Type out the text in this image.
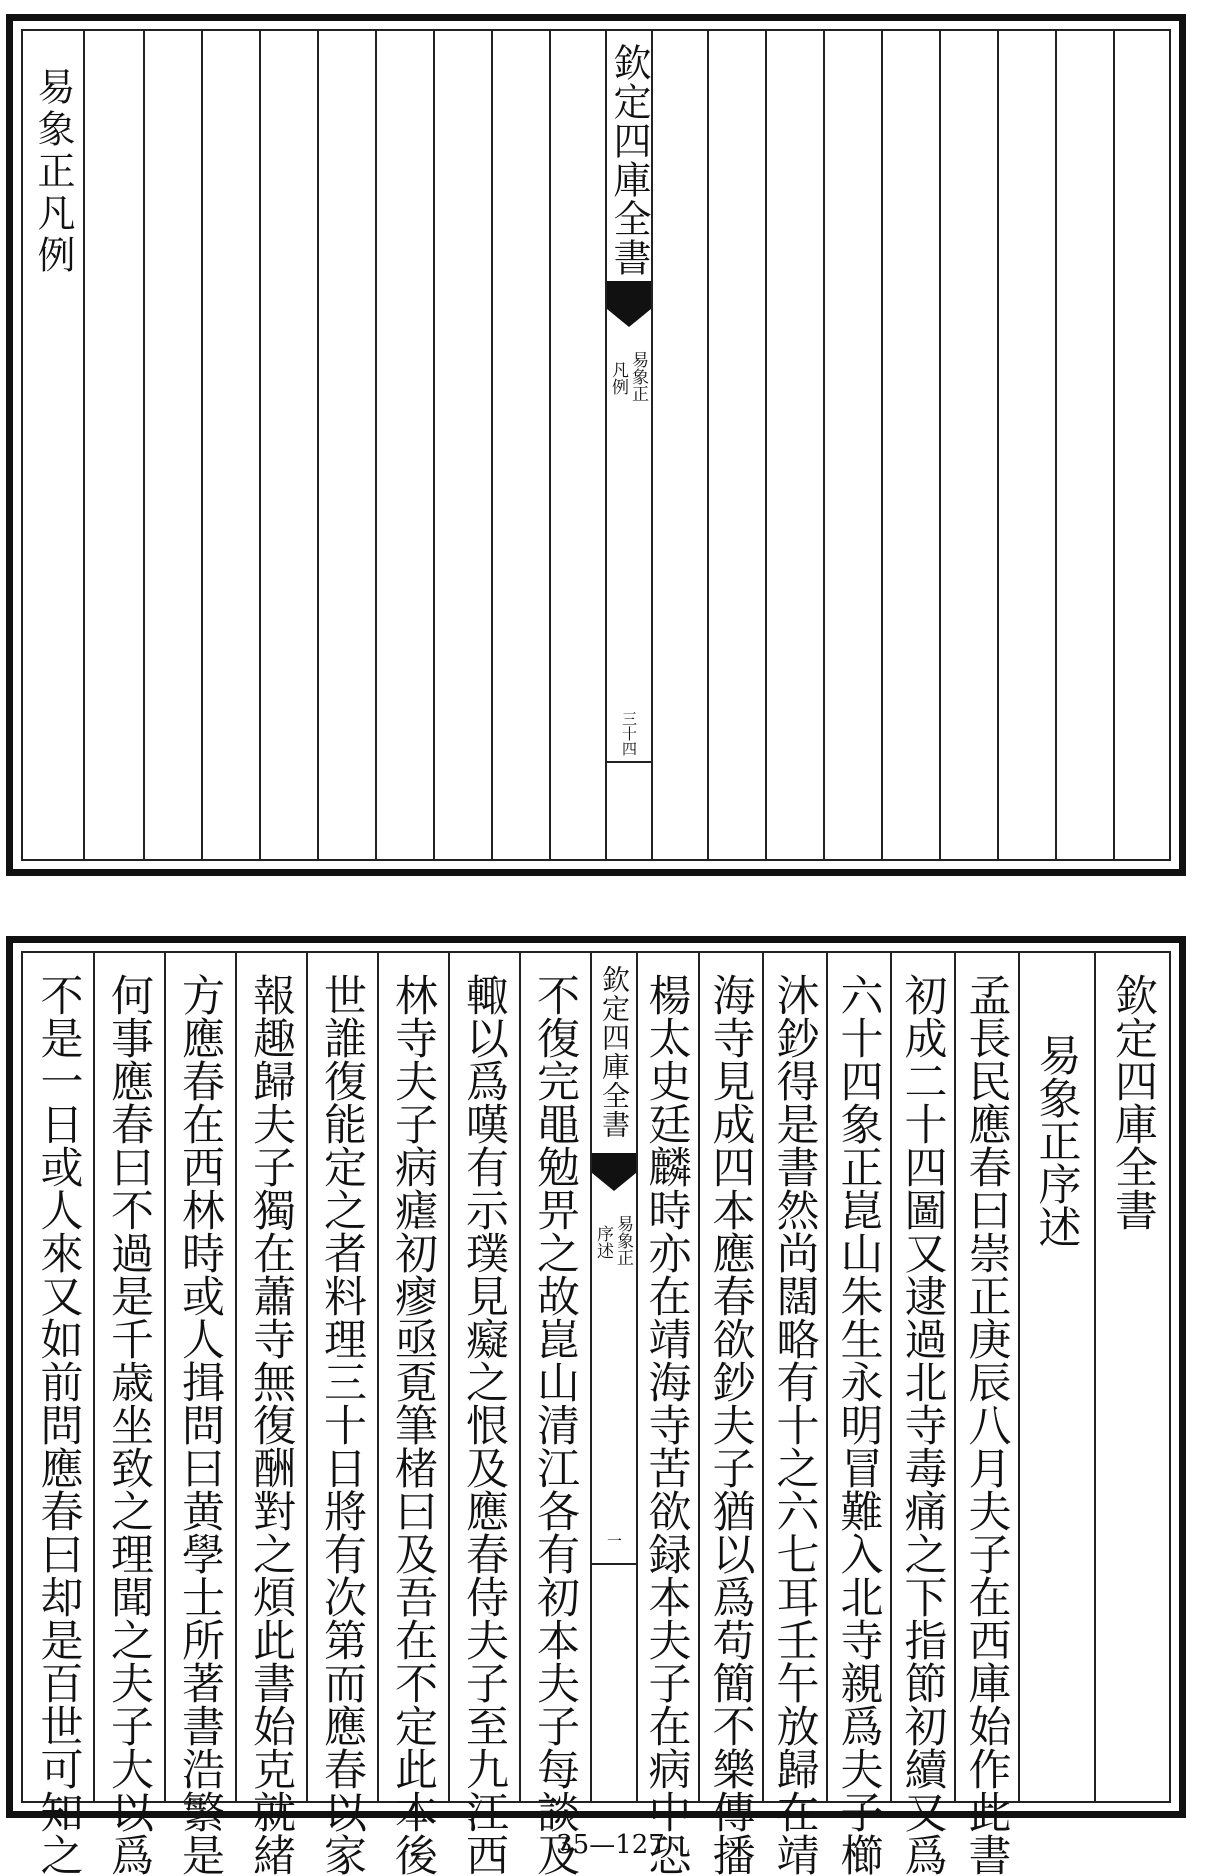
易象正凡例	欽定四庫全書
易象正
凡例
三十四
不是一日或人來又如前問應春曰却是百世可知之 何事應春曰不過是千歳坐致之理聞之夫子大以爲 方應春在西林時或人揖問曰黄學士所著書浩繁是 報趣歸夫子獨在蕭寺無復酬對之煩此書始克就緒 世誰復能定之者料理三十日將有次第而應春以家 林寺夫子病瘧初瘳亟覔筆楮曰及吾在不定此本後 輙以爲嘆有示璞見癡之恨及應春侍夫子至九江西 不復完黽勉畀之故崑山清江各有初本夫子每談及 欽定四庫全書
易象正
序述
一 楊太史廷麟時亦在靖海寺苦欲録本夫子在病中恐 海寺見成四本應春欲鈔夫子猶以爲苟簡不樂傳播 沐鈔得是書然尚闊略有十之六七耳壬午放歸在靖 六十四象正崑山朱生永明冒難入北寺親爲夫子櫛 初成二十四圖又逮過北寺毒痛之下指節初續又爲 孟長民應春曰崇正庚辰八月夫子在西庫始作此書 易象正序述 欽定四庫全書
35—127
